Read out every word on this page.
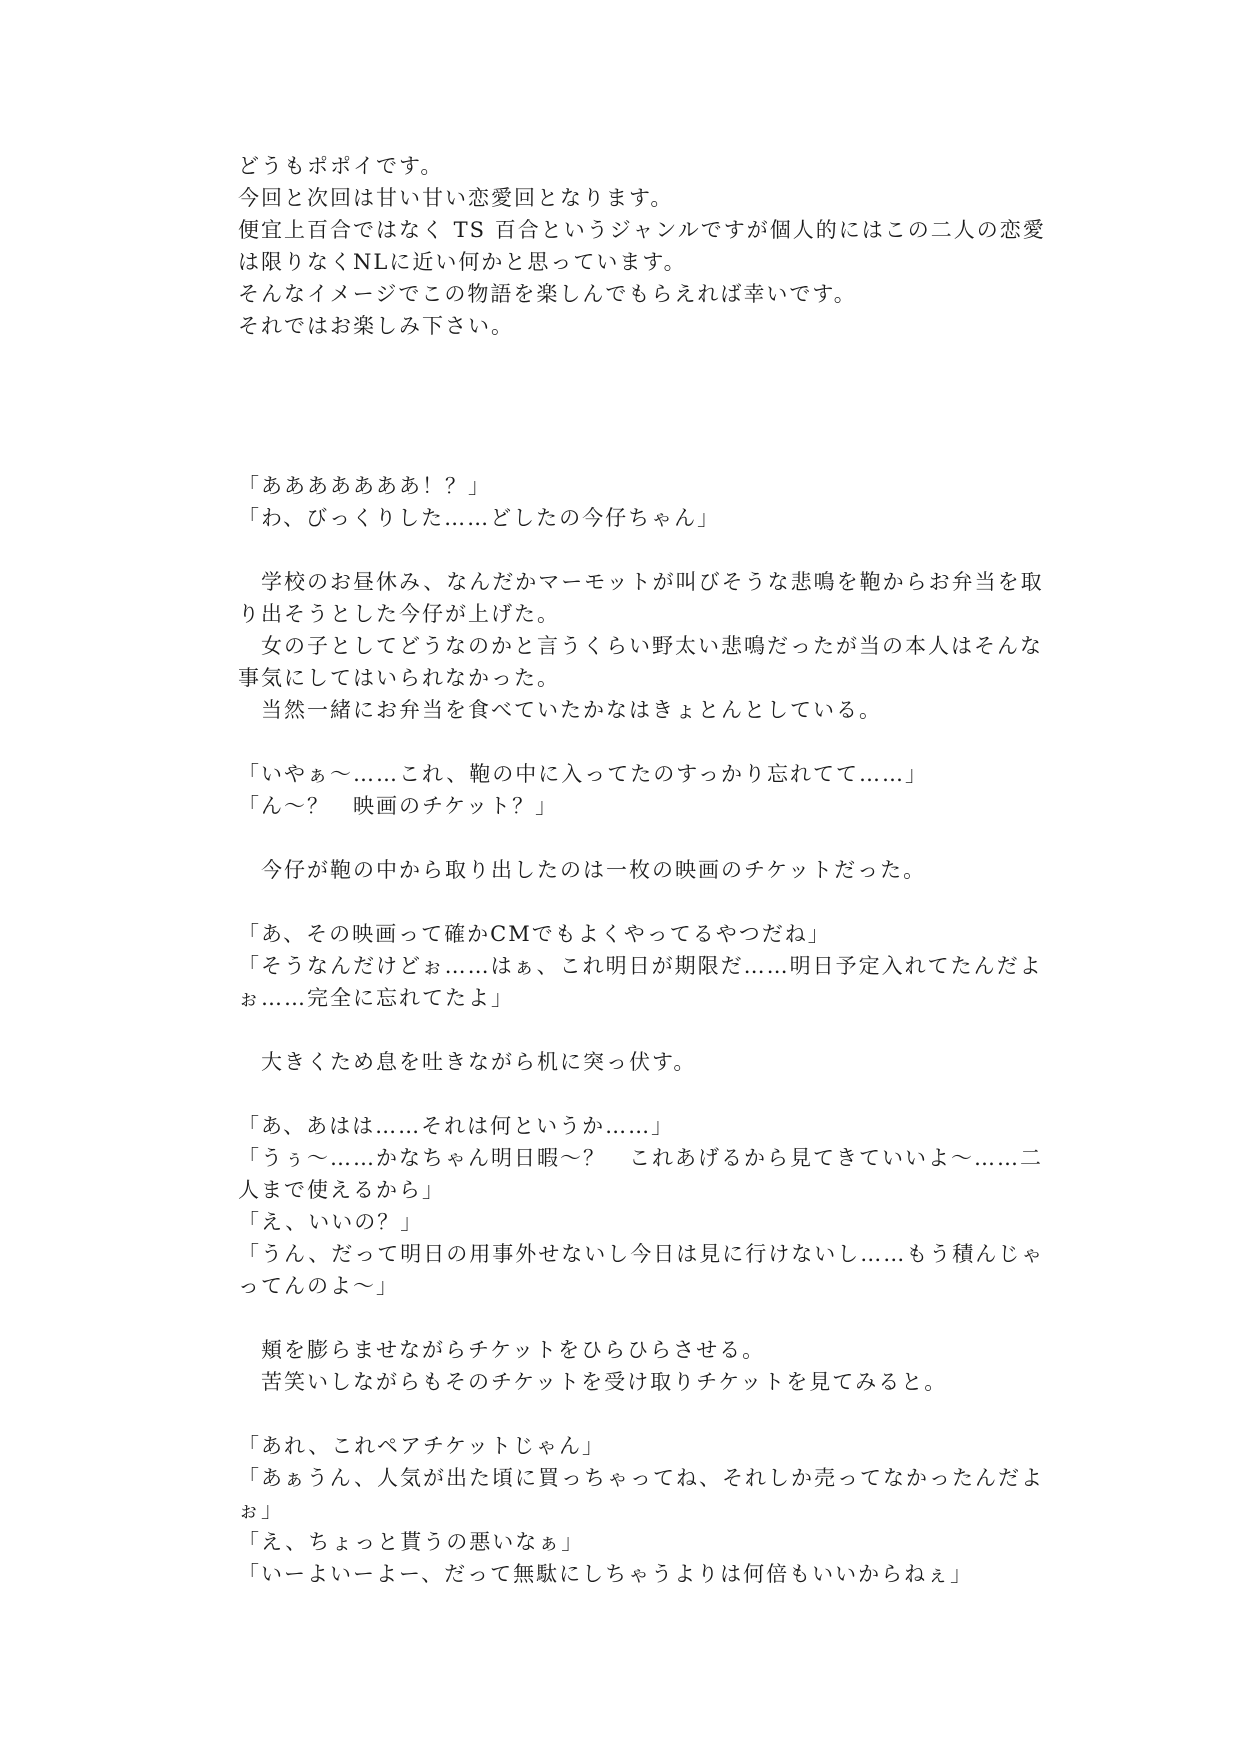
どうもポポイです。
今回と次回は甘い甘い恋愛回となります。
便宜上百合ではなく TS 百合というジャンルですが個人的にはこの二人の恋愛
は限りなくNLに近い何かと思っています。
そんなイメージでこの物語を楽しんでもらえれば幸いです。
それではお楽しみ下さい。
「あああああああ！？」
「わ、びっくりした……どしたの今仔ちゃん」
　学校のお昼休み、なんだかマーモットが叫びそうな悲鳴を鞄からお弁当を取
り出そうとした今仔が上げた。
　女の子としてどうなのかと言うくらい野太い悲鳴だったが当の本人はそんな
事気にしてはいられなかった。
　当然一緒にお弁当を食べていたかなはきょとんとしている。
「いやぁ～……これ、鞄の中に入ってたのすっかり忘れてて……」
「ん～？　映画のチケット？」
　今仔が鞄の中から取り出したのは一枚の映画のチケットだった。
「あ、その映画って確かCMでもよくやってるやつだね」
「そうなんだけどぉ……はぁ、これ明日が期限だ……明日予定入れてたんだよ
ぉ……完全に忘れてたよ」
　大きくため息を吐きながら机に突っ伏す。
「あ、あはは……それは何というか……」
「うぅ～……かなちゃん明日暇～？　これあげるから見てきていいよ～……二
人まで使えるから」
「え、いいの？」
「うん、だって明日の用事外せないし今日は見に行けないし……もう積んじゃ
ってんのよ～」
　頬を膨らませながらチケットをひらひらさせる。
　苦笑いしながらもそのチケットを受け取りチケットを見てみると。
「あれ、これペアチケットじゃん」
「あぁうん、人気が出た頃に買っちゃってね、それしか売ってなかったんだよ
ぉ」
「え、ちょっと貰うの悪いなぁ」
「いーよいーよー、だって無駄にしちゃうよりは何倍もいいからねぇ」
